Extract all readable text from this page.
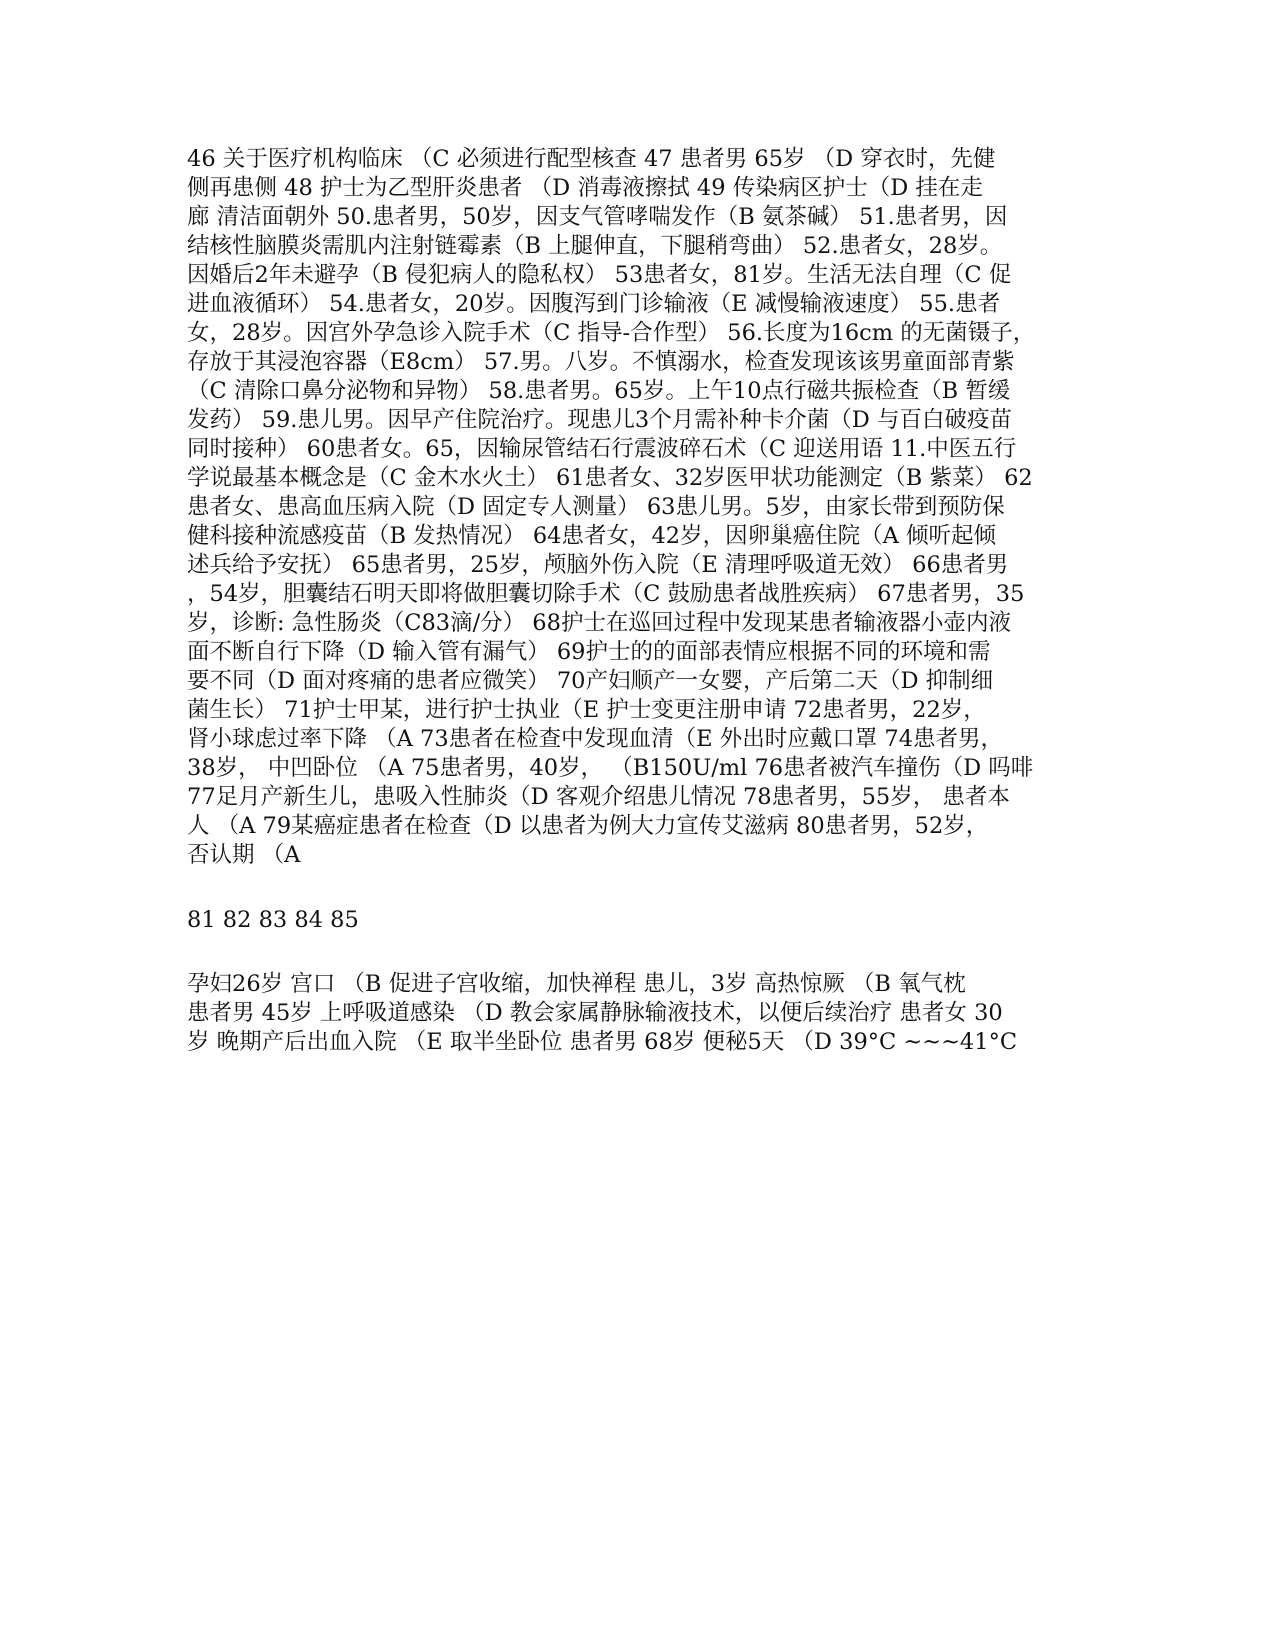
46 关于医疗机构临床 （C 必须进行配型核查 47 患者男 65岁 （D 穿衣时，先健
侧再患侧 48 护士为乙型肝炎患者 （D 消毒液擦拭 49 传染病区护士（D 挂在走
廊 清洁面朝外 50.患者男，50岁，因支气管哮喘发作（B 氨茶碱） 51.患者男，因
结核性脑膜炎需肌内注射链霉素（B 上腿伸直，下腿稍弯曲） 52.患者女，28岁。
因婚后2年未避孕（B 侵犯病人的隐私权） 53患者女，81岁。生活无法自理（C 促
进血液循环） 54.患者女，20岁。因腹泻到门诊输液（E 减慢输液速度） 55.患者
女，28岁。因宫外孕急诊入院手术（C 指导-合作型） 56.长度为16cm 的无菌镊子，
存放于其浸泡容器（E8cm） 57.男。八岁。不慎溺水，检查发现该该男童面部青紫
（C 清除口鼻分泌物和异物） 58.患者男。65岁。上午10点行磁共振检查（B 暂缓
发药） 59.患儿男。因早产住院治疗。现患儿3个月需补种卡介菌（D 与百白破疫苗
同时接种） 60患者女。65，因输尿管结石行震波碎石术（C 迎送用语 11.中医五行
学说最基本概念是（C 金木水火土） 61患者女、32岁医甲状功能测定（B 紫菜） 62
患者女、患高血压病入院（D 固定专人测量） 63患儿男。5岁，由家长带到预防保
健科接种流感疫苗（B 发热情况） 64患者女，42岁，因卵巢癌住院（A 倾听起倾
述兵给予安抚） 65患者男，25岁，颅脑外伤入院（E 清理呼吸道无效） 66患者男
，54岁，胆囊结石明天即将做胆囊切除手术（C 鼓励患者战胜疾病） 67患者男，35
岁，诊断: 急性肠炎（C83滴/分） 68护士在巡回过程中发现某患者输液器小壶内液
面不断自行下降（D 输入管有漏气） 69护士的的面部表情应根据不同的环境和需
要不同（D 面对疼痛的患者应微笑） 70产妇顺产一女婴，产后第二天（D 抑制细
菌生长） 71护士甲某，进行护士执业（E 护士变更注册申请 72患者男，22岁，
肾小球虑过率下降 （A 73患者在检查中发现血清（E 外出时应戴口罩 74患者男，
38岁， 中凹卧位 （A 75患者男，40岁， （B150U/ml 76患者被汽车撞伤（D 吗啡
77足月产新生儿，患吸入性肺炎（D 客观介绍患儿情况 78患者男，55岁， 患者本
人 （A 79某癌症患者在检查（D 以患者为例大力宣传艾滋病 80患者男，52岁，
否认期 （A
81 82 83 84 85
孕妇26岁 宫口 （B 促进子宫收缩，加快禅程 患儿，3岁 高热惊厥 （B 氧气枕
患者男 45岁 上呼吸道感染 （D 教会家属静脉输液技术，以便后续治疗 患者女 30
岁 晚期产后出血入院 （E 取半坐卧位 患者男 68岁 便秘5天 （D 39°C ~~~41°C
